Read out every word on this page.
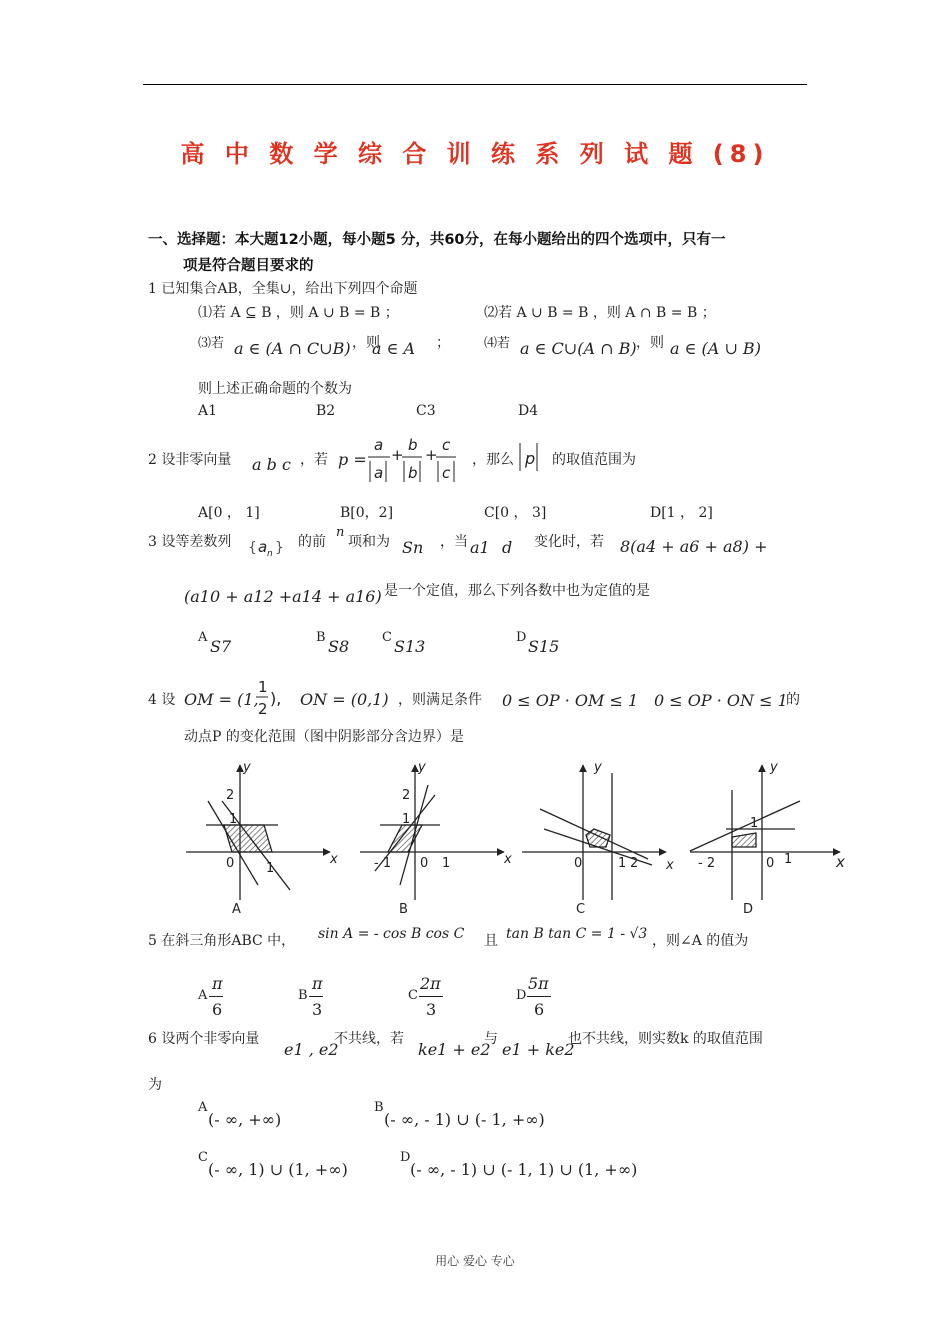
高 中 数 学 综 合 训 练 系 列 试 题 (8)
一、选择题：本大题12小题，每小题5 分，共60分，在每小题给出的四个选项中，只有一
项是符合题目要求的
1 已知集合AB，全集∪，给出下列四个命题
⑴若 A ⊆ B ，则 A ∪ B = B ；	⑵若 A ∪ B = B ，则 A ∩ B = B ；
⑶若 a ∈ (A ∩ C∪B) ，则
a ∈ A ；	⑷若 a ∈ C∪(A ∩ B) ，则 a ∈ (A ∪ B)
则上述正确命题的个数为
A1	B2	C3	D4
2 设非零向量 a b c ，若 p =
a
a
+
b
b
+
c
c
，那么 p 的取值范围为
A[0 ， 1]	B[0，2]	C[0 ， 3]	D[1 ， 2]
3 设等差数列 { a n } 的前
n
项和为 Sn ，当 a1 d 变化时，若 8(a4 + a6 + a8) +
(a10 + a12 +a14 + a16) 是一个定值，那么下列各数中也为定值的是
A S7	B S8	C S13	D S15
4 设 OM = (1,
1
2
), ON = (0,1) ，则满足条件 0 ≤ OP · OM ≤ 1 0 ≤ OP · ON ≤ 1
的
动点P 的变化范围（图中阴影部分含边界）是
y
x
2
1
0 1
A
y
x
2
1
- 1 0 1
B
y
x
0	1 2
C
y
x
1
- 2	0 1
D
5 在斜三角形ABC 中， sin A = - cos B cos C 且 tan B tan C = 1 - √3 ，则∠A 的值为
A
π
6
B
π
3
C
2π
3
D
5π
6
6 设两个非零向量
e1 , e2
不共线，若
ke1 + e2
与
e1 + ke2
也不共线，则实数k 的取值范围
为
A
(- ∞, +∞)
B
(- ∞, - 1) ∪ (- 1, +∞)
C
(- ∞, 1) ∪ (1, +∞)
D
(- ∞, - 1) ∪ (- 1, 1) ∪ (1, +∞)
用心 爱心 专心
